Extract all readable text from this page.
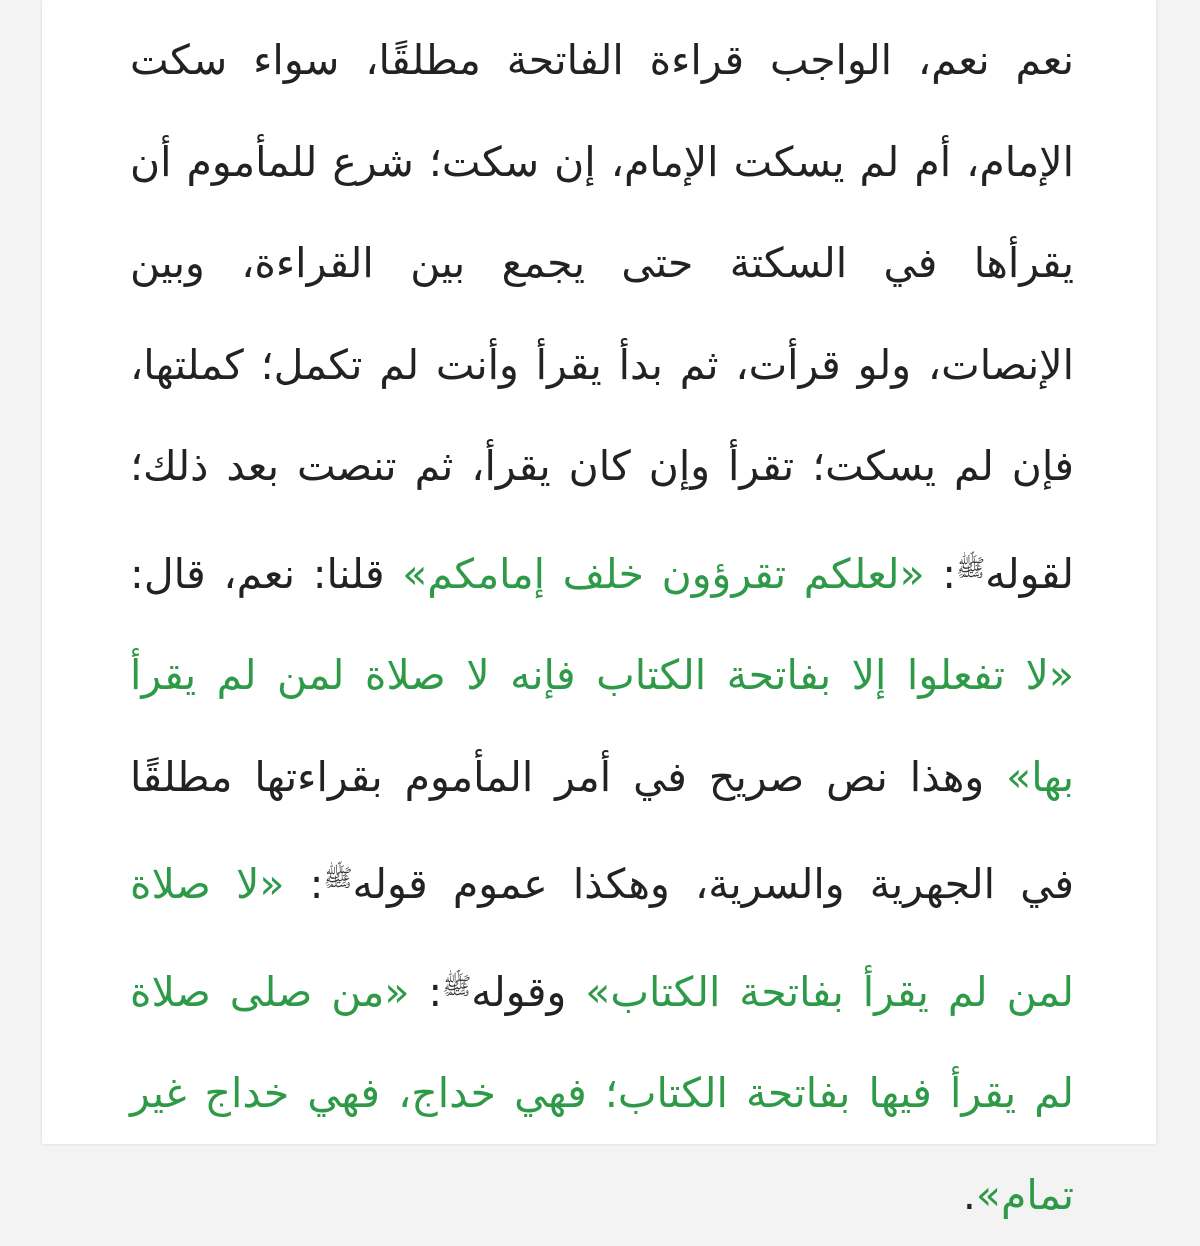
نعم نعم، الواجب قراءة الفاتحة مطلقًا، سواء سكت الإمام، أم لم يسكت الإمام، إن سكت؛ شرع للمأموم أن يقرأها في السكتة حتى يجمع بين القراءة، وبين الإنصات، ولو قرأت، ثم بدأ يقرأ وأنت لم تكمل؛ كملتها، فإن لم يسكت؛ تقرأ وإن كان يقرأ، ثم تنصت بعد ذلك؛ لقوله$^ﷺ$: «لعلكم تقرؤون خلف إمامكم» قلنا: نعم، قال: «لا تفعلوا إلا بفاتحة الكتاب فإنه لا صلاة لمن لم يقرأ بها» وهذا نص صريح في أمر المأموم بقراءتها مطلقًا في الجهرية والسرية، وهكذا عموم قوله$^ﷺ$: «لا صلاة لمن لم يقرأ بفاتحة الكتاب» وقوله$^ﷺ$: «من صلى صلاة لم يقرأ فيها بفاتحة الكتاب؛ فهي خداج، فهي خداج غير تمام».
